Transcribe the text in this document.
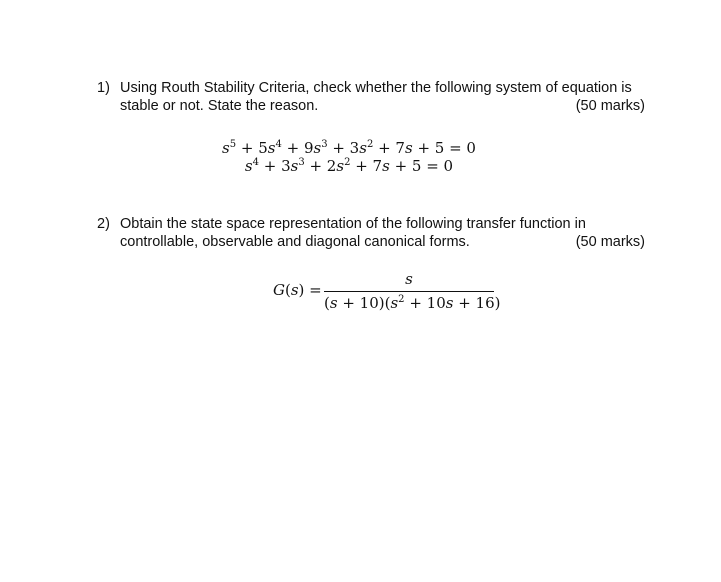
1) Using Routh Stability Criteria, check whether the following system of equation is
stable or not. State the reason.	(50 marks)
$s^5 + 5s^4 + 9s^3 + 3s^2 + 7s + 5 = 0$
$s^4 + 3s^3 + 2s^2 + 7s + 5 = 0$
2) Obtain the state space representation of the following transfer function in
controllable, observable and diagonal canonical forms.	(50 marks)
G(s) =
s
$(s + 10)(s^2 + 10s + 16)$
